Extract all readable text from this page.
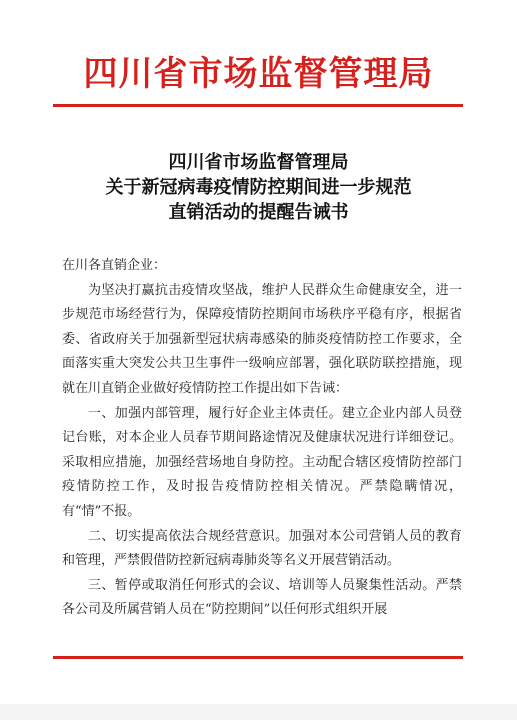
四川省市场监督管理局
四川省市场监督管理局
关于新冠病毒疫情防控期间进一步规范
直销活动的提醒告诫书

在川各直销企业：

为坚决打赢抗击疫情攻坚战，维护人民群众生命健康安全，进一步规范市场经营行为，保障疫情防控期间市场秩序平稳有序，根据省委、省政府关于加强新型冠状病毒感染的肺炎疫情防控工作要求，全面落实重大突发公共卫生事件一级响应部署，强化联防联控措施，现就在川直销企业做好疫情防控工作提出如下告诫：

一、加强内部管理，履行好企业主体责任。建立企业内部人员登记台账，对本企业人员春节期间路途情况及健康状况进行详细登记。采取相应措施，加强经营场地自身防控。主动配合辖区疫情防控部门疫情防控工作，及时报告疫情防控相关情况。严禁隐瞒情况，有“情”不报。

二、切实提高依法合规经营意识。加强对本公司营销人员的教育和管理，严禁假借防控新冠病毒肺炎等名义开展营销活动。

三、暂停或取消任何形式的会议、培训等人员聚集性活动。严禁各公司及所属营销人员在“防控期间”以任何形式组织开展
